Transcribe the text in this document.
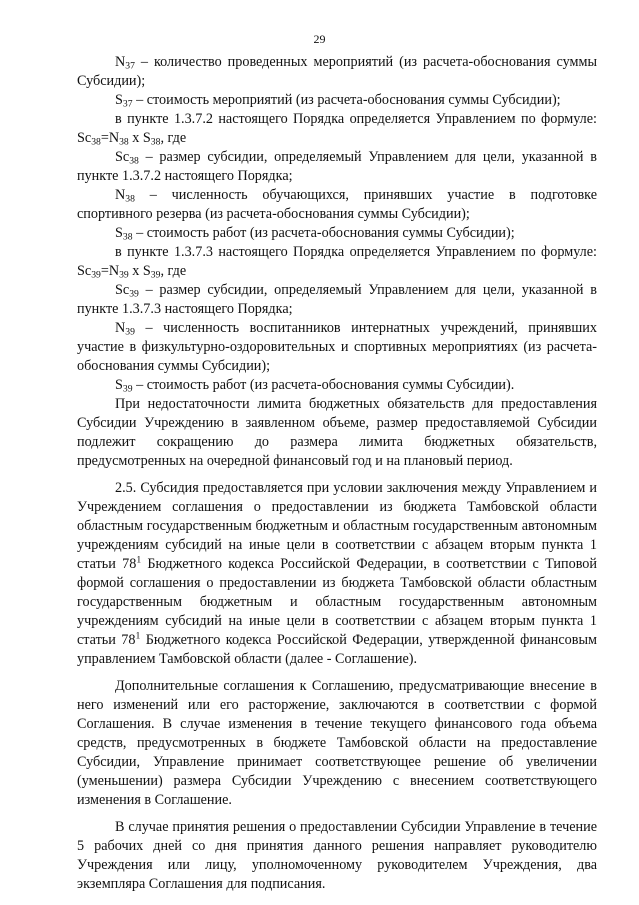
29

$N_{37}$ – количество проведенных мероприятий (из расчета-обоснования суммы Субсидии);

$S_{37}$ – стоимость мероприятий (из расчета-обоснования суммы Субсидии);

в пункте 1.3.7.2 настоящего Порядка определяется Управлением по формуле: $Sc_{38}=N_{38}$ х $S_{38}$, где

$Sc_{38}$ – размер субсидии, определяемый Управлением для цели, указанной в пункте 1.3.7.2 настоящего Порядка;

$N_{38}$ – численность обучающихся, принявших участие в подготовке спортивного резерва (из расчета-обоснования суммы Субсидии);

$S_{38}$ – стоимость работ (из расчета-обоснования суммы Субсидии);

в пункте 1.3.7.3 настоящего Порядка определяется Управлением по формуле: $Sc_{39}=N_{39}$ х $S_{39}$, где

$Sc_{39}$ – размер субсидии, определяемый Управлением для цели, указанной в пункте 1.3.7.3 настоящего Порядка;

$N_{39}$ – численность воспитанников интернатных учреждений, принявших участие в физкультурно-оздоровительных и спортивных мероприятиях (из расчета-обоснования суммы Субсидии);

$S_{39}$ – стоимость работ (из расчета-обоснования суммы Субсидии).

При недостаточности лимита бюджетных обязательств для предоставления Субсидии Учреждению в заявленном объеме, размер предоставляемой Субсидии подлежит сокращению до размера лимита бюджетных обязательств, предусмотренных на очередной финансовый год и на плановый период.

2.5. Субсидия предоставляется при условии заключения между Управлением и Учреждением соглашения о предоставлении из бюджета Тамбовской области областным государственным бюджетным и областным государственным автономным учреждениям субсидий на иные цели в соответствии с абзацем вторым пункта 1 статьи $78^1$ Бюджетного кодекса Российской Федерации, в соответствии с Типовой формой соглашения о предоставлении из бюджета Тамбовской области областным государственным бюджетным и областным государственным автономным учреждениям субсидий на иные цели в соответствии с абзацем вторым пункта 1 статьи $78^1$ Бюджетного кодекса Российской Федерации, утвержденной финансовым управлением Тамбовской области (далее - Соглашение).

Дополнительные соглашения к Соглашению, предусматривающие внесение в него изменений или его расторжение, заключаются в соответствии с формой Соглашения. В случае изменения в течение текущего финансового года объема средств, предусмотренных в бюджете Тамбовской области на предоставление Субсидии, Управление принимает соответствующее решение об увеличении (уменьшении) размера Субсидии Учреждению с внесением соответствующего изменения в Соглашение.

В случае принятия решения о предоставлении Субсидии Управление в течение 5 рабочих дней со дня принятия данного решения направляет руководителю Учреждения или лицу, уполномоченному руководителем Учреждения, два экземпляра Соглашения для подписания.
